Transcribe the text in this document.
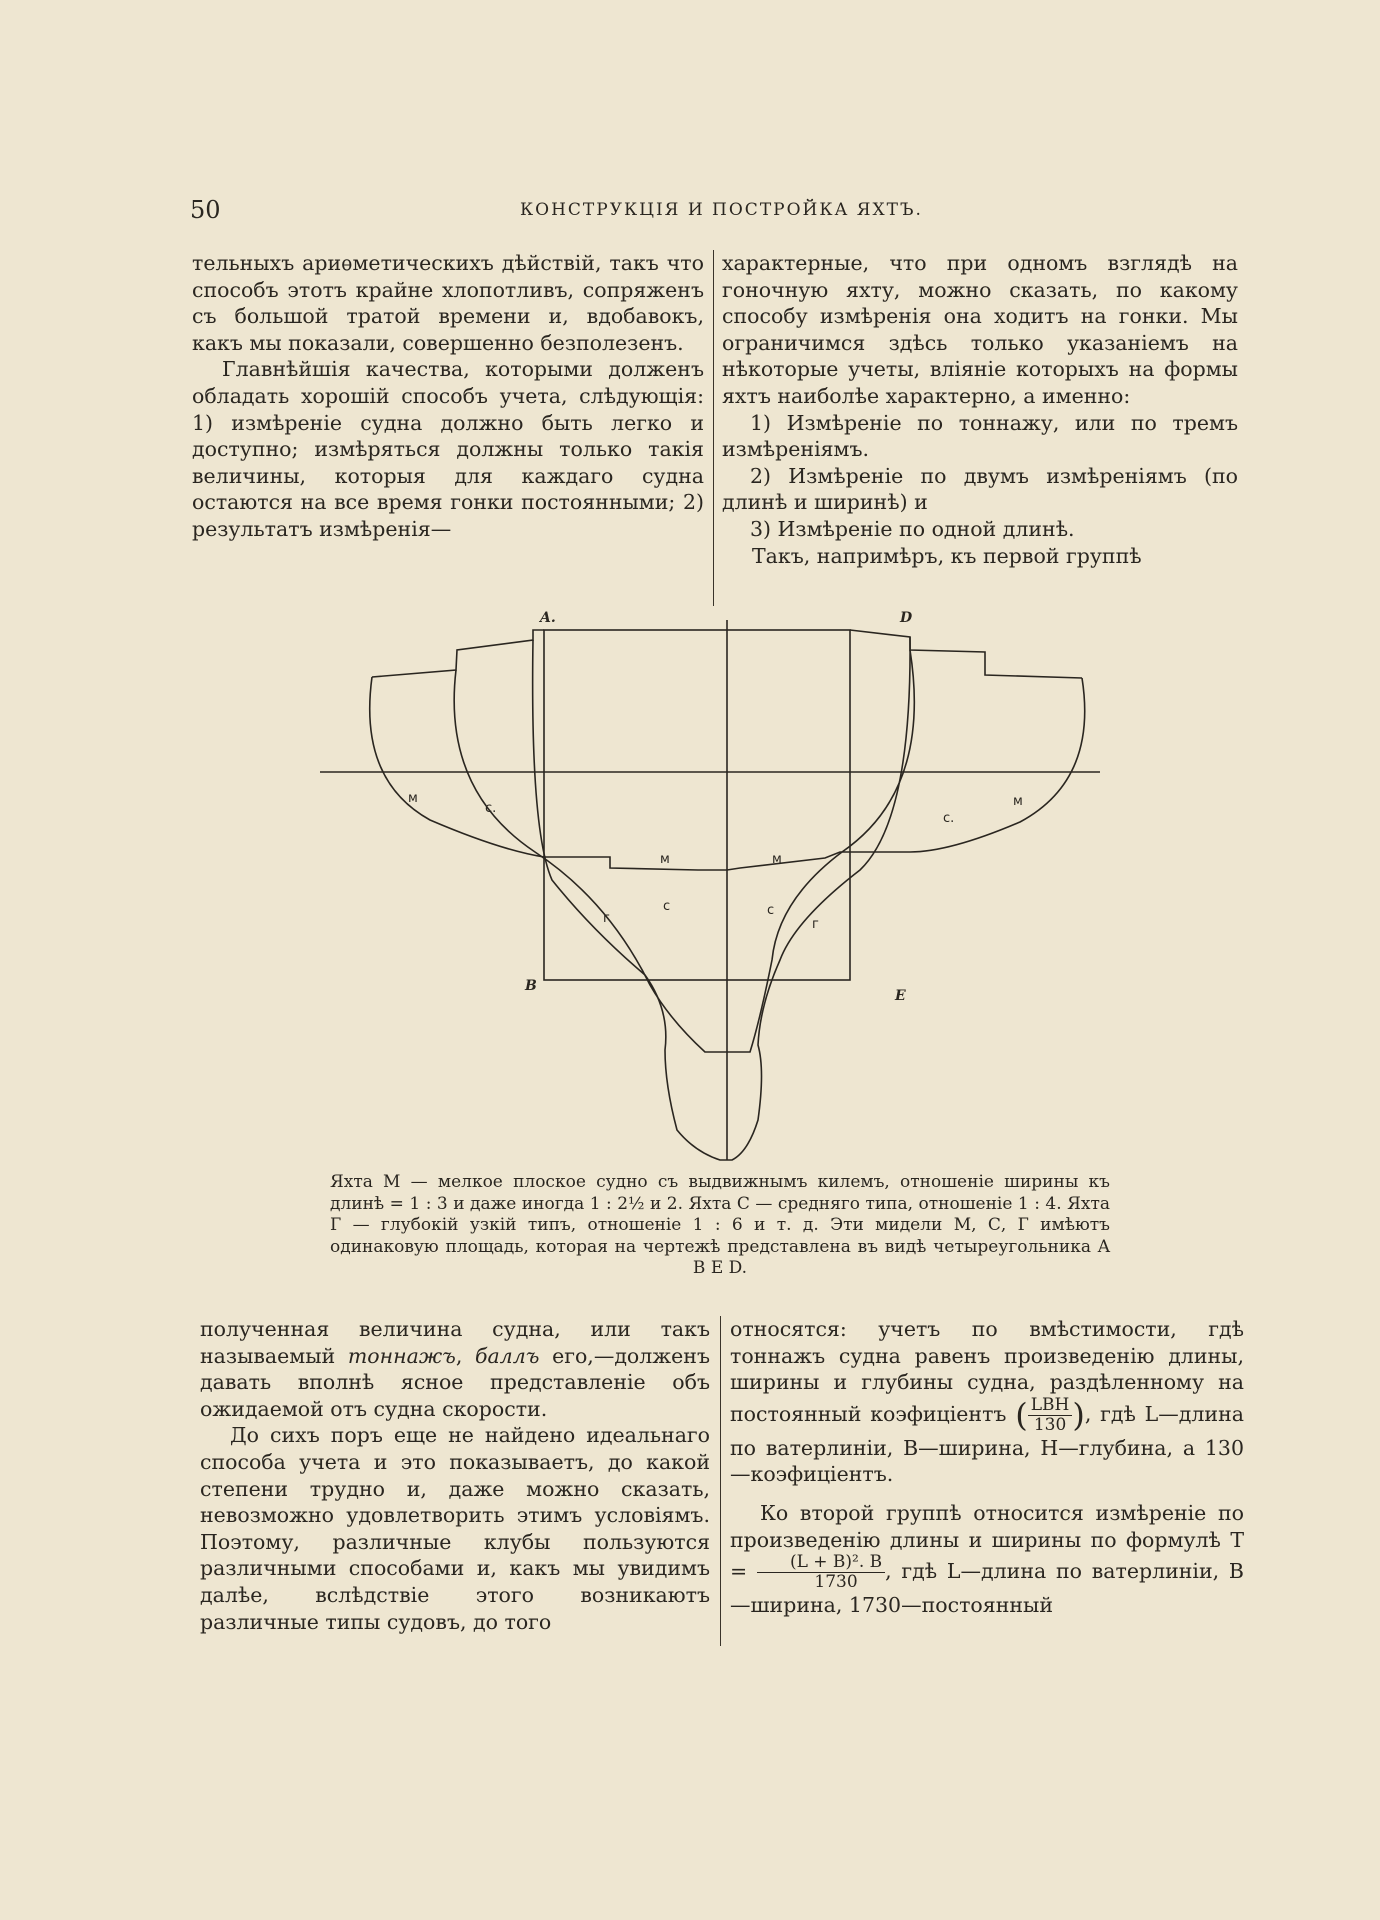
50	КОНСТРУКЦІЯ И ПОСТРОЙКА ЯХТЪ.

тельныхъ ариѳметическихъ дѣйствій, такъ что способъ этотъ крайне хлопотливъ, сопряженъ съ большой тратой времени и, вдобавокъ, какъ мы показали, совершенно безполезенъ.

Главнѣйшія качества, которыми долженъ обладать хорошій способъ учета, слѣдующія: 1) измѣреніе судна должно быть легко и доступно; измѣряться должны только такія величины, которыя для каждаго судна остаются на все время гонки постоянными; 2) результатъ измѣренія—

характерные, что при одномъ взглядѣ на гоночную яхту, можно сказать, по какому способу измѣренія она ходитъ на гонки. Мы ограничимся здѣсь только указаніемъ на нѣкоторые учеты, вліяніе которыхъ на формы яхтъ наиболѣе характерно, а именно:

1) Измѣреніе по тоннажу, или по тремъ измѣреніямъ.

2) Измѣреніе по двумъ измѣреніямъ (по длинѣ и ширинѣ) и

3) Измѣреніе по одной длинѣ.

Такъ, напримѣръ, къ первой группѣ

A.	D
B
E
м	м
с.
с.
м	м
г	г
с	с
Яхта М — мелкое плоское судно съ выдвижнымъ килемъ, отношеніе ширины къ длинѣ = 1 : 3 и даже иногда 1 : 2½ и 2. Яхта С — средняго типа, отношеніе 1 : 4. Яхта Г — глубокій узкій типъ, отношеніе 1 : 6 и т. д. Эти мидели М, С, Г имѣютъ одинаковую площадь, которая на чертежѣ представлена въ видѣ четыреугольника A B E D.

полученная величина судна, или такъ называемый тоннажъ, баллъ его,—долженъ давать вполнѣ ясное представленіе объ ожидаемой отъ судна скорости.

До сихъ поръ еще не найдено идеальнаго способа учета и это показываетъ, до какой степени трудно и, даже можно сказать, невозможно удовлетворить этимъ условіямъ. Поэтому, различные клубы пользуются различными способами и, какъ мы увидимъ далѣе, вслѣдствіе этого возникаютъ различные типы судовъ, до того

относятся: учетъ по вмѣстимости, гдѣ тоннажъ судна равенъ произведенію длины, ширины и глубины судна, раздѣленному на постоянный коэфиціентъ ( $\frac{\text{LBH}}{130}$ ), гдѣ L—длина по ватерлиніи, B—ширина, H—глубина, а 130—коэфиціентъ.

Ко второй группѣ относится измѣреніе по произведенію длины и ширины по формулѣ $T = \frac{\text{(L + B)². B}}{1730}$ , гдѣ L—длина по ватерлиніи, B—ширина, 1730—постоянный
